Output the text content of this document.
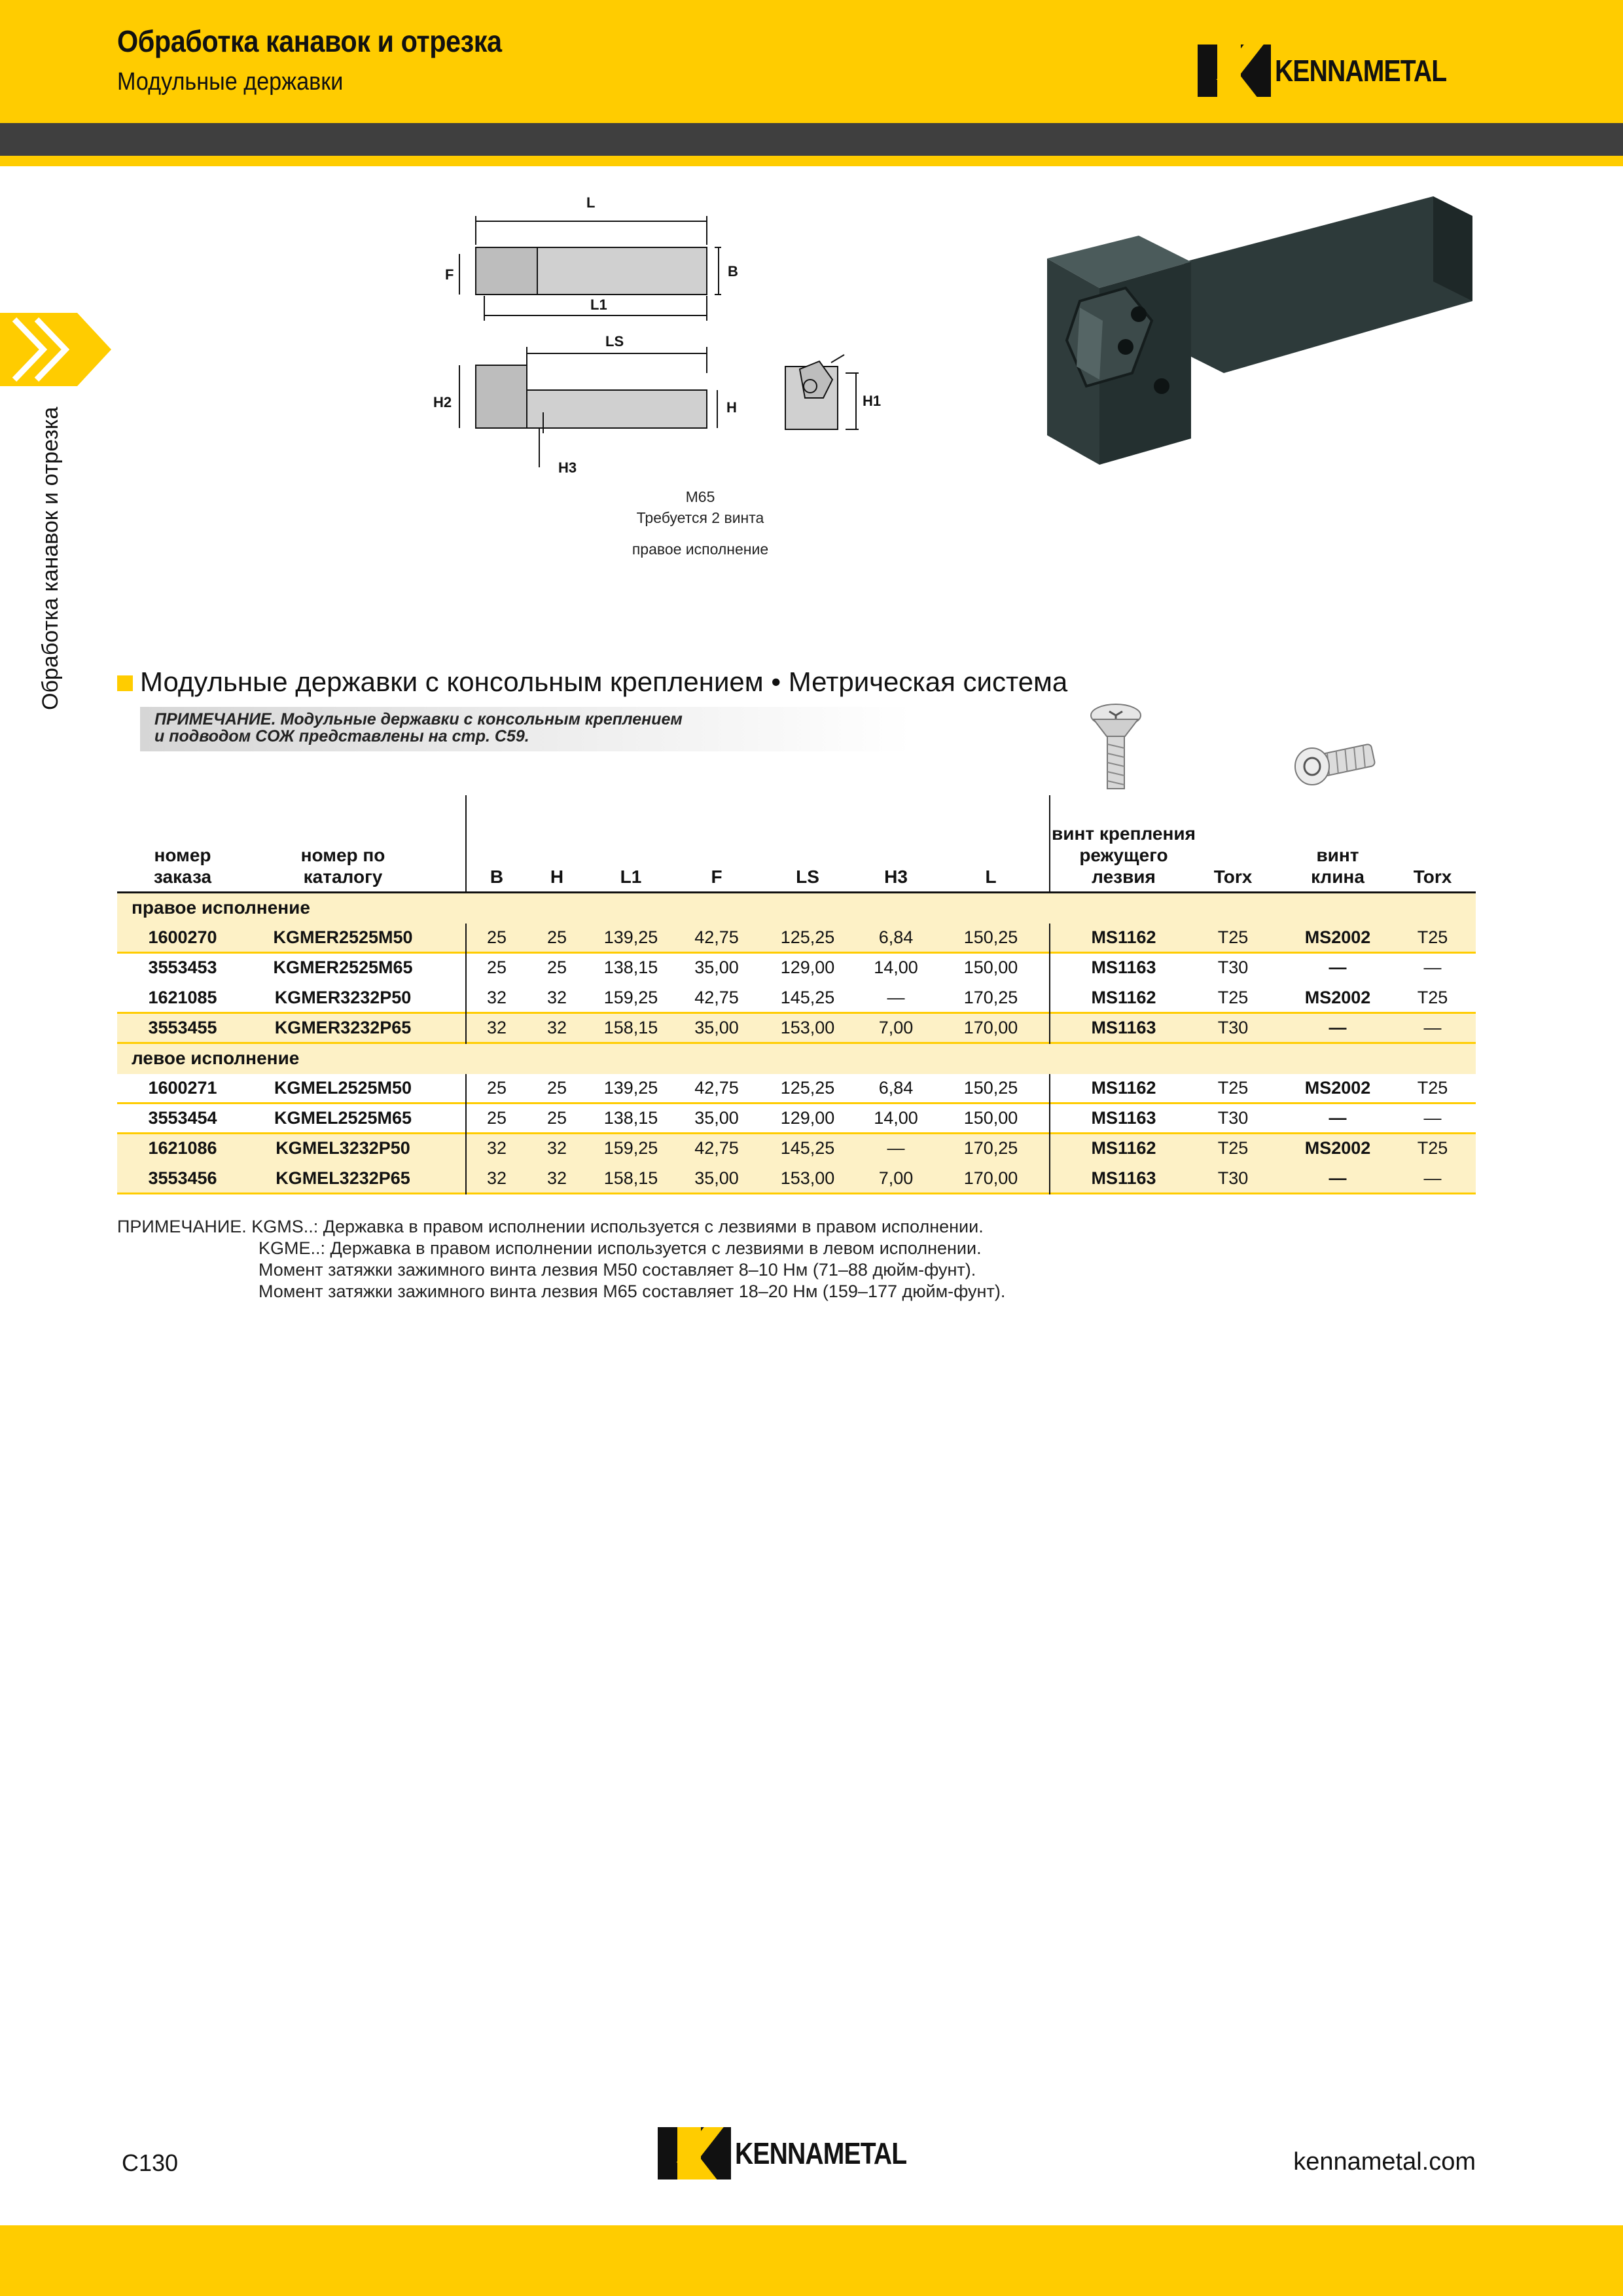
Обработка канавок и отрезка
Модульные державки	KENNAMETAL
Обработка канавок и отрезка
L
F	B
L1
LS
H2	H
H3
H1
M65
Требуется 2 винта
правое исполнение
Модульные державки с консольным креплением • Метрическая система
ПРИМЕЧАНИЕ. Модульные державки с консольным креплением
и подводом СОЖ представлены на стр. C59.
номер
заказа
номер по
каталогу	B	H	L1	F	LS	H3	L
винт крепления
режущего
лезвия	Torx
винт
клина	Torx
правое исполнение
1600270	KGMER2525M50	25	25	139,25	42,75	125,25	6,84	150,25	MS1162	T25	MS2002	T25
3553453	KGMER2525M65	25	25	138,15	35,00	129,00	14,00	150,00	MS1163	T30	—	—
1621085	KGMER3232P50	32	32	159,25	42,75	145,25	—	170,25	MS1162	T25	MS2002	T25
3553455	KGMER3232P65	32	32	158,15	35,00	153,00	7,00	170,00	MS1163	T30	—	—
левое исполнение
1600271	KGMEL2525M50	25	25	139,25	42,75	125,25	6,84	150,25	MS1162	T25	MS2002	T25
3553454	KGMEL2525M65	25	25	138,15	35,00	129,00	14,00	150,00	MS1163	T30	—	—
1621086	KGMEL3232P50	32	32	159,25	42,75	145,25	—	170,25	MS1162	T25	MS2002	T25
3553456	KGMEL3232P65	32	32	158,15	35,00	153,00	7,00	170,00	MS1163	T30	—	—
ПРИМЕЧАНИЕ. KGMS..: Державка в правом исполнении используется с лезвиями в правом исполнении.
KGME..: Державка в правом исполнении используется с лезвиями в левом исполнении.
Момент затяжки зажимного винта лезвия M50 составляет 8–10 Нм (71–88 дюйм-фунт).
Момент затяжки зажимного винта лезвия M65 составляет 18–20 Нм (159–177 дюйм-фунт).
C130	KENNAMETAL	kennametal.com
